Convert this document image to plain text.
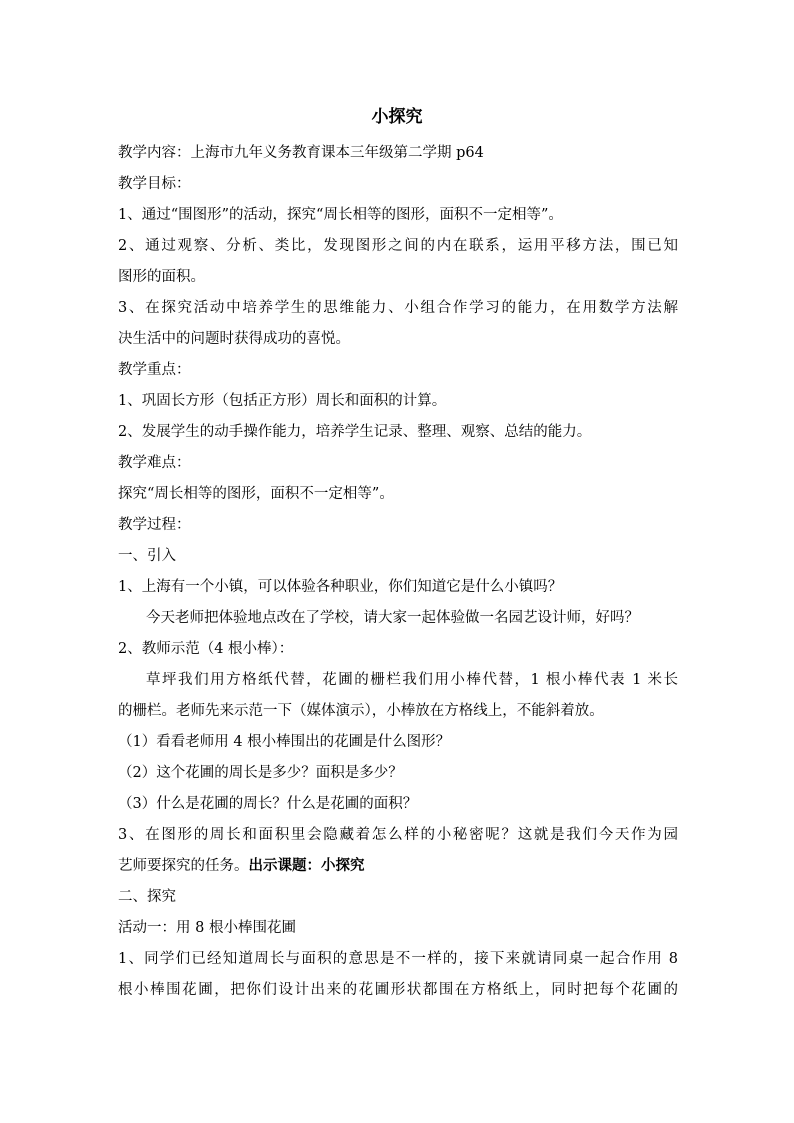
小探究
教学内容：上海市九年义务教育课本三年级第二学期 p64
教学目标：
1、通过“围图形”的活动，探究“周长相等的图形，面积不一定相等”。
2、通过观察、分析、类比，发现图形之间的内在联系，运用平移方法，围已知
图形的面积。
3、在探究活动中培养学生的思维能力、小组合作学习的能力，在用数学方法解
决生活中的问题时获得成功的喜悦。
教学重点：
1、巩固长方形（包括正方形）周长和面积的计算。
2、发展学生的动手操作能力，培养学生记录、整理、观察、总结的能力。
教学难点：
探究“周长相等的图形，面积不一定相等”。
教学过程：
一、引入
1、上海有一个小镇，可以体验各种职业，你们知道它是什么小镇吗？
今天老师把体验地点改在了学校，请大家一起体验做一名园艺设计师，好吗？
2、教师示范（4 根小棒）：
草坪我们用方格纸代替，花圃的栅栏我们用小棒代替，1 根小棒代表 1 米长
的栅栏。老师先来示范一下（媒体演示），小棒放在方格线上，不能斜着放。
（1）看看老师用 4 根小棒围出的花圃是什么图形？
（2）这个花圃的周长是多少？面积是多少？
（3）什么是花圃的周长？什么是花圃的面积？
3、在图形的周长和面积里会隐藏着怎么样的小秘密呢？这就是我们今天作为园
艺师要探究的任务。出示课题：小探究
二、探究
活动一：用 8 根小棒围花圃
1、同学们已经知道周长与面积的意思是不一样的，接下来就请同桌一起合作用 8
根小棒围花圃，把你们设计出来的花圃形状都围在方格纸上，同时把每个花圃的
